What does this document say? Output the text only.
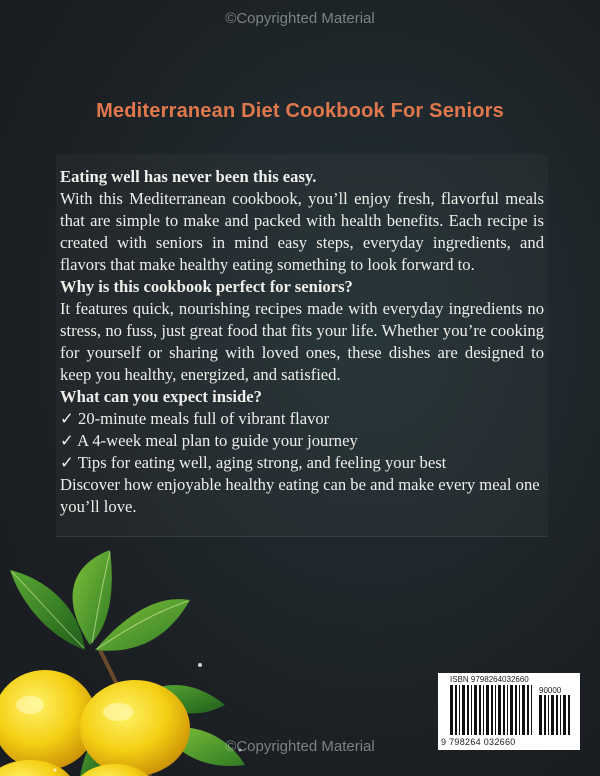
©Copyrighted Material
Mediterranean Diet Cookbook For Seniors

Eating well has never been this easy.

With this Mediterranean cookbook, you’ll enjoy fresh, flavorful meals that are simple to make and packed with health benefits. Each recipe is created with seniors in mind easy steps, everyday ingredients, and flavors that make healthy eating something to look forward to.

Why is this cookbook perfect for seniors?

It features quick, nourishing recipes made with everyday ingredients no stress, no fuss, just great food that fits your life. Whether you’re cooking for yourself or sharing with loved ones, these dishes are designed to keep you healthy, energized, and satisfied.

What can you expect inside?

✓ 20-minute meals full of vibrant flavor

✓ A 4-week meal plan to guide your journey

✓ Tips for eating well, aging strong, and feeling your best

Discover how enjoyable healthy eating can be and make every meal one you’ll love.

©Copyrighted Material
ISBN 9798264032660
90000
9 798264 032660
